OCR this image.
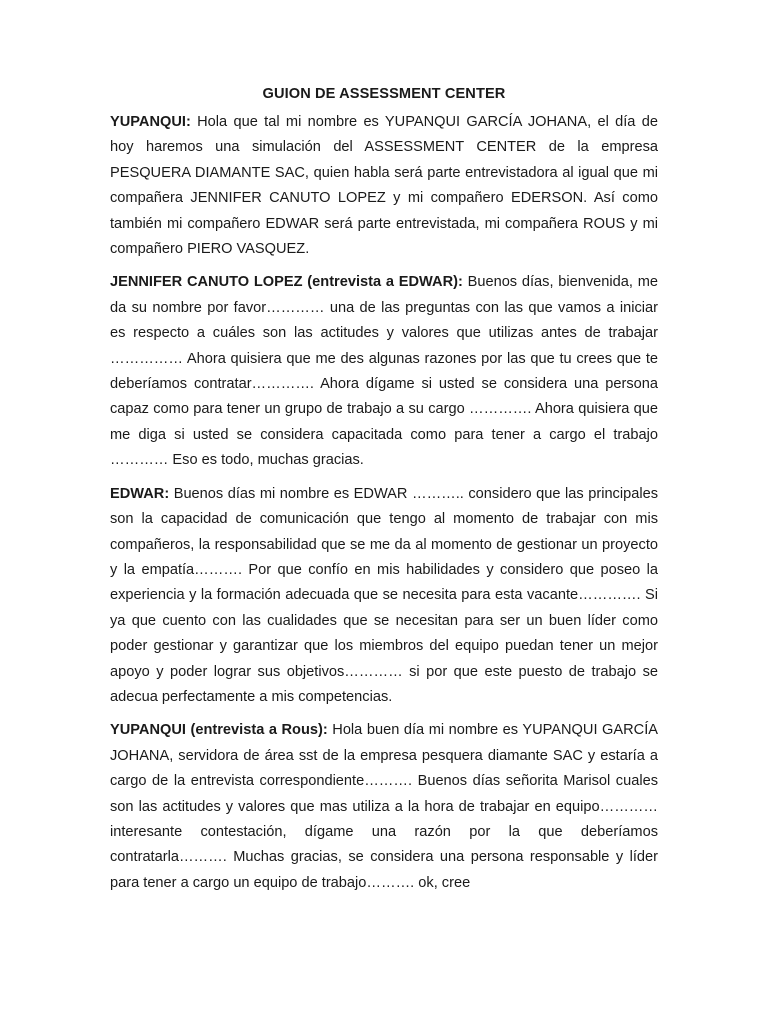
GUION DE ASSESSMENT CENTER

YUPANQUI: Hola que tal mi nombre es YUPANQUI GARCÍA JOHANA, el día de hoy haremos una simulación del ASSESSMENT CENTER de la empresa PESQUERA DIAMANTE SAC, quien habla será parte entrevistadora al igual que mi compañera JENNIFER CANUTO LOPEZ y mi compañero EDERSON. Así como también mi compañero EDWAR será parte entrevistada, mi compañera ROUS y mi compañero PIERO VASQUEZ.

JENNIFER CANUTO LOPEZ (entrevista a EDWAR): Buenos días, bienvenida, me da su nombre por favor………… una de las preguntas con las que vamos a iniciar es respecto a cuáles son las actitudes y valores que utilizas antes de trabajar …………… Ahora quisiera que me des algunas razones por las que tu crees que te deberíamos contratar…………. Ahora dígame si usted se considera una persona capaz como para tener un grupo de trabajo a su cargo …………. Ahora quisiera que me diga si usted se considera capacitada como para tener a cargo el trabajo ………… Eso es todo, muchas gracias.

EDWAR: Buenos días mi nombre es EDWAR ……….. considero que las principales son la capacidad de comunicación que tengo al momento de trabajar con mis compañeros, la responsabilidad que se me da al momento de gestionar un proyecto y la empatía………. Por que confío en mis habilidades y considero que poseo la experiencia y la formación adecuada que se necesita para esta vacante…………. Si ya que cuento con las cualidades que se necesitan para ser un buen líder como poder gestionar y garantizar que los miembros del equipo puedan tener un mejor apoyo y poder lograr sus objetivos………… si por que este puesto de trabajo se adecua perfectamente a mis competencias.

YUPANQUI (entrevista a Rous): Hola buen día mi nombre es YUPANQUI GARCÍA JOHANA, servidora de área sst de la empresa pesquera diamante SAC y estaría a cargo de la entrevista correspondiente………. Buenos días señorita Marisol cuales son las actitudes y valores que mas utiliza a la hora de trabajar en equipo………… interesante contestación, dígame una razón por la que deberíamos contratarla………. Muchas gracias, se considera una persona responsable y líder para tener a cargo un equipo de trabajo………. ok, cree
